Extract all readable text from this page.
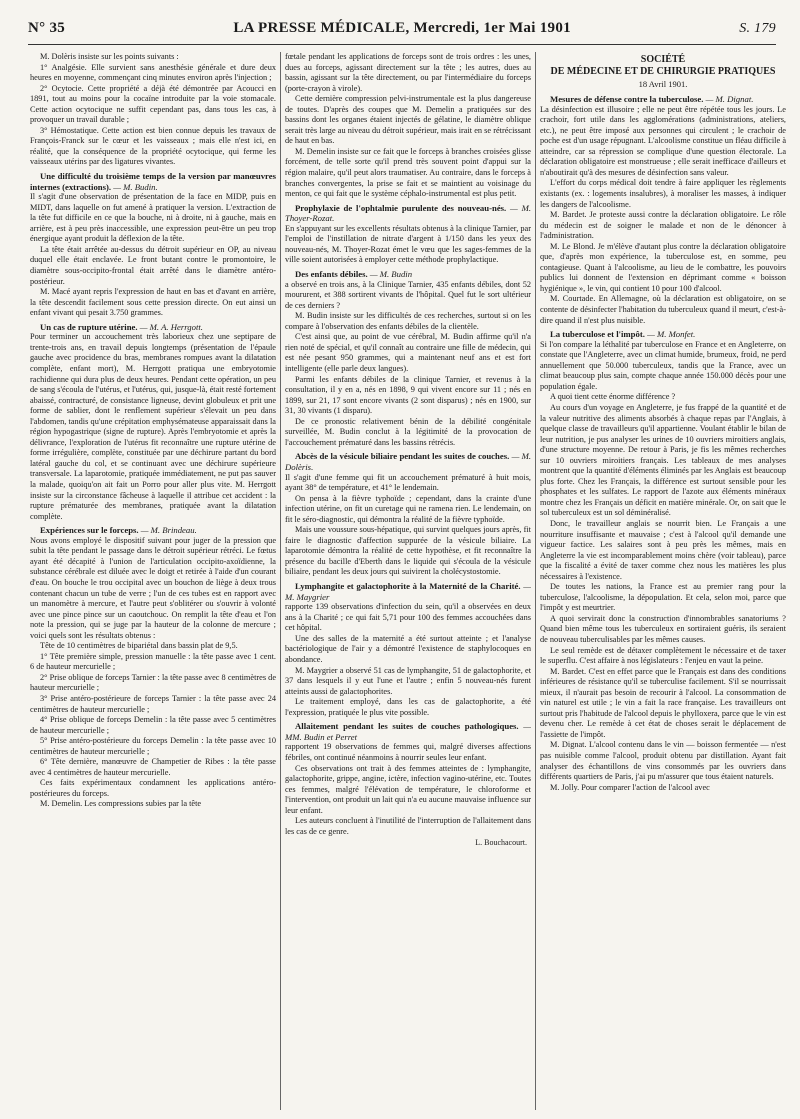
N° 35	LA PRESSE MÉDICALE, Mercredi, 1er Mai 1901	S. 179

M. Dolèris insiste sur les points suivants :

1° Analgésie. Elle survient sans anesthésie générale et dure deux heures en moyenne, commençant cinq minutes environ après l'injection ;

2° Ocytocie. Cette propriété a déjà été démontrée par Acoucci en 1891, tout au moins pour la cocaïne introduite par la voie stomacale. Cette action ocytocique ne suffit cependant pas, dans tous les cas, à provoquer un travail durable ;

3° Hémostatique. Cette action est bien connue depuis les travaux de François-Franck sur le cœur et les vaisseaux ; mais elle n'est ici, en réalité, que la conséquence de la propriété ocytocique, qui ferme les vaisseaux utérins par des ligatures vivantes.

Une difficulté du troisième temps de la version par manœuvres internes (extractions). — M. Budin.

Il s'agit d'une observation de présentation de la face en MIDP, puis en MIDT, dans laquelle on fut amené à pratiquer la version. L'extraction de la tête fut difficile en ce que la bouche, ni à droite, ni à gauche, mais en arrière, est à peu près inaccessible, une expression peut-être un peu trop énergique ayant produit la déflexion de la tête.

La tête était arrêtée au-dessus du détroit supérieur en OP, au niveau duquel elle était enclavée. Le front butant contre le promontoire, le diamètre sous-occipito-frontal était arrêté dans le diamètre antéro-postérieur.

M. Macé ayant repris l'expression de haut en bas et d'avant en arrière, la tête descendit facilement sous cette pression directe. On eut ainsi un enfant vivant qui pesait 3.750 grammes.

Un cas de rupture utérine. — M. A. Herrgott.

Pour terminer un accouchement très laborieux chez une septipare de trente-trois ans, en travail depuis longtemps (présentation de l'épaule gauche avec procidence du bras, membranes rompues avant la dilatation complète, enfant mort), M. Herrgott pratiqua une embryotomie rachidienne qui dura plus de deux heures. Pendant cette opération, un peu de sang s'écoula de l'utérus, et l'utérus, qui, jusque-là, était resté fortement abaissé, contracturé, de consistance ligneuse, devint globuleux et prit une forme de sablier, dont le renflement supérieur s'élevait un peu dans l'abdomen, tandis qu'une crépitation emphysémateuse apparaissait dans la région hypogastrique (signe de rupture). Après l'embryotomie et après la délivrance, l'exploration de l'utérus fit reconnaître une rupture utérine de forme irrégulière, complète, constituée par une déchirure partant du bord latéral gauche du col, et se continuant avec une déchirure supérieure transversale. La laparotomie, pratiquée immédiatement, ne put pas sauver la malade, quoiqu'on ait fait un Porro pour aller plus vite. M. Herrgott insiste sur la circonstance fâcheuse à laquelle il attribue cet accident : la rupture prématurée des membranes, pratiquée avant la dilatation complète.

Expériences sur le forceps. — M. Brindeau.

Nous avons employé le dispositif suivant pour juger de la pression que subit la tête pendant le passage dans le détroit supérieur rétréci. Le fœtus ayant été décapité à l'union de l'articulation occipito-axoïdienne, la substance cérébrale est diluée avec le doigt et retirée à l'aide d'un courant d'eau. On bouche le trou occipital avec un bouchon de liège à deux trous contenant chacun un tube de verre ; l'un de ces tubes est en rapport avec un manomètre à mercure, et l'autre peut s'oblitérer ou s'ouvrir à volonté avec une pince pince sur un caoutchouc. On remplit la tête d'eau et l'on note la pression, qui se juge par la hauteur de la colonne de mercure ; voici quels sont les résultats obtenus :

Tête de 10 centimètres de bipariétal dans bassin plat de 9,5.

1° Tête première simple, pression manuelle : la tête passe avec 1 cent. 6 de hauteur mercurielle ;

2° Prise oblique de forceps Tarnier : la tête passe avec 8 centimètres de hauteur mercurielle ;

3° Prise antéro-postérieure de forceps Tarnier : la tête passe avec 24 centimètres de hauteur mercurielle ;

4° Prise oblique de forceps Demelin : la tête passe avec 5 centimètres de hauteur mercurielle ;

5° Prise antéro-postérieure du forceps Demelin : la tête passe avec 10 centimètres de hauteur mercurielle ;

6° Tête dernière, manœuvre de Champetier de Ribes : la tête passe avec 4 centimètres de hauteur mercurielle.

Ces faits expérimentaux condamnent les applications antéro-postérieures du forceps.

M. Demelin. Les compressions subies par la tête

fœtale pendant les applications de forceps sont de trois ordres : les unes, dues au forceps, agissant directement sur la tête ; les autres, dues au bassin, agissant sur la tête directement, ou par l'intermédiaire du forceps (porte-crayon à virole).

Cette dernière compression pelvi-instrumentale est la plus dangereuse de toutes. D'après des coupes que M. Demelin a pratiquées sur des bassins dont les organes étaient injectés de gélatine, le diamètre oblique serait très large au niveau du détroit supérieur, mais irait en se rétrécissant de haut en bas.

M. Demelin insiste sur ce fait que le forceps à branches croisées glisse forcément, de telle sorte qu'il prend très souvent point d'appui sur la région malaire, qu'il peut alors traumatiser. Au contraire, dans le forceps à branches convergentes, la prise se fait et se maintient au voisinage du menton, ce qui fait que le système céphalo-instrumental est plus petit.

Prophylaxie de l'ophtalmie purulente des nouveau-nés. — M. Thoyer-Rozat.

En s'appuyant sur les excellents résultats obtenus à la clinique Tarnier, par l'emploi de l'instillation de nitrate d'argent à 1/150 dans les yeux des nouveau-nés, M. Thoyer-Rozat émet le vœu que les sages-femmes de la ville soient autorisées à employer cette méthode prophylactique.

Des enfants débiles. — M. Budin

a observé en trois ans, à la Clinique Tarnier, 435 enfants débiles, dont 52 moururent, et 388 sortirent vivants de l'hôpital. Quel fut le sort ultérieur de ces derniers ?

M. Budin insiste sur les difficultés de ces recherches, surtout si on les compare à l'observation des enfants débiles de la clientèle.

C'est ainsi que, au point de vue cérébral, M. Budin affirme qu'il n'a rien noté de spécial, et qu'il connaît au contraire une fille de médecin, qui est née pesant 950 grammes, qui a maintenant neuf ans et est fort intelligente (elle parle deux langues).

Parmi les enfants débiles de la clinique Tarnier, et revenus à la consultation, il y en a, nés en 1898, 9 qui vivent encore sur 11 ; nés en 1899, sur 21, 17 sont encore vivants (2 sont disparus) ; nés en 1900, sur 31, 30 vivants (1 disparu).

De ce pronostic relativement bénin de la débilité congénitale surveillée, M. Budin conclut à la légitimité de la provocation de l'accouchement prématuré dans les bassins rétrécis.

Abcès de la vésicule biliaire pendant les suites de couches. — M. Dolèris.

Il s'agit d'une femme qui fit un accouchement prématuré à huit mois, ayant 38° de température, et 41° le lendemain.

On pensa à la fièvre typhoïde ; cependant, dans la crainte d'une infection utérine, on fit un curetage qui ne ramena rien. Le lendemain, on fit le séro-diagnostic, qui démontra la réalité de la fièvre typhoïde.

Mais une voussure sous-hépatique, qui survint quelques jours après, fit faire le diagnostic d'affection suppurée de la vésicule biliaire. La laparotomie démontra la réalité de cette hypothèse, et fit reconnaître la présence du bacille d'Eberth dans le liquide qui s'écoula de la vésicule biliaire, pendant les deux jours qui suivirent la cholécystostomie.

Lymphangite et galactophorite à la Maternité de la Charité. — M. Maygrier

rapporte 139 observations d'infection du sein, qu'il a observées en deux ans à la Charité ; ce qui fait 5,71 pour 100 des femmes accouchées dans cet hôpital.

Une des salles de la maternité a été surtout atteinte ; et l'analyse bactériologique de l'air y a démontré l'existence de staphylocoques en abondance.

M. Maygrier a observé 51 cas de lymphangite, 51 de galactophorite, et 37 dans lesquels il y eut l'une et l'autre ; enfin 5 nouveau-nés furent atteints aussi de galactophorites.

Le traitement employé, dans les cas de galactophorite, a été l'expression, pratiquée le plus vite possible.

Allaitement pendant les suites de couches pathologiques. — MM. Budin et Perret

rapportent 19 observations de femmes qui, malgré diverses affections fébriles, ont continué néanmoins à nourrir seules leur enfant.

Ces observations ont trait à des femmes atteintes de : lymphangite, galactophorite, grippe, angine, ictère, infection vagino-utérine, etc. Toutes ces femmes, malgré l'élévation de température, le chloroforme et l'intervention, ont produit un lait qui n'a eu aucune mauvaise influence sur leur enfant.

Les auteurs concluent à l'inutilité de l'interruption de l'allaitement dans les cas de ce genre.

L. Bouchacourt.
SOCIÉTÉ
DE MÉDECINE ET DE CHIRURGIE PRATIQUES
18 Avril 1901.
Mesures de défense contre la tuberculose. — M. Dignat.

La désinfection est illusoire ; elle ne peut être répétée tous les jours. Le crachoir, fort utile dans les agglomérations (administrations, ateliers, etc.), ne peut être imposé aux personnes qui circulent ; le crachoir de poche est d'un usage répugnant. L'alcoolisme constitue un fléau difficile à atteindre, car sa répression se complique d'une question électorale. La déclaration obligatoire est monstrueuse ; elle serait inefficace d'ailleurs et n'aboutirait qu'à des mesures de désinfection sans valeur.

L'effort du corps médical doit tendre à faire appliquer les règlements existants (ex. : logements insalubres), à moraliser les masses, à indiquer les dangers de l'alcoolisme.

M. Bardet. Je proteste aussi contre la déclaration obligatoire. Le rôle du médecin est de soigner le malade et non de le dénoncer à l'administration.

M. Le Blond. Je m'élève d'autant plus contre la déclaration obligatoire que, d'après mon expérience, la tuberculose est, en somme, peu contagieuse. Quant à l'alcoolisme, au lieu de le combattre, les pouvoirs publics lui donnent de l'extension en déprimant comme « boisson hygiénique », le vin, qui contient 10 pour 100 d'alcool.

M. Courtade. En Allemagne, où la déclaration est obligatoire, on se contente de désinfecter l'habitation du tuberculeux quand il meurt, c'est-à-dire quand il n'est plus nuisible.

La tuberculose et l'impôt. — M. Monfet.

Si l'on compare la léthalité par tuberculose en France et en Angleterre, on constate que l'Angleterre, avec un climat humide, brumeux, froid, ne perd annuellement que 50.000 tuberculeux, tandis que la France, avec un climat beaucoup plus sain, compte chaque année 150.000 décès pour une population égale.

A quoi tient cette énorme différence ?

Au cours d'un voyage en Angleterre, je fus frappé de la quantité et de la valeur nutritive des aliments absorbés à chaque repas par l'Anglais, à quelque classe de travailleurs qu'il appartienne. Voulant établir le bilan de leur nutrition, je pus analyser les urines de 10 ouvriers miroitiers anglais, d'une structure moyenne. De retour à Paris, je fis les mêmes recherches sur 10 ouvriers miroitiers français. Les tableaux de mes analyses montrent que la quantité d'éléments éliminés par les Anglais est beaucoup plus forte. Chez les Français, la différence est surtout sensible pour les phosphates et les sulfates. Le rapport de l'azote aux éléments minéraux montre chez les Français un déficit en matière minérale. Or, on sait que le sol tuberculeux est un sol déminéralisé.

Donc, le travailleur anglais se nourrit bien. Le Français a une nourriture insuffisante et mauvaise ; c'est à l'alcool qu'il demande une vigueur factice. Les salaires sont à peu près les mêmes, mais en Angleterre la vie est incomparablement moins chère (voir tableau), parce que la fiscalité a évité de taxer comme chez nous les matières les plus nécessaires à l'existence.

De toutes les nations, la France est au premier rang pour la tuberculose, l'alcoolisme, la dépopulation. Et cela, selon moi, parce que l'impôt y est meurtrier.

A quoi servirait donc la construction d'innombrables sanatoriums ? Quand bien même tous les tuberculeux en sortiraient guéris, ils seraient de nouveau tuberculisables par les mêmes causes.

Le seul remède est de détaxer complètement le nécessaire et de taxer le superflu. C'est affaire à nos législateurs : l'enjeu en vaut la peine.

M. Bardet. C'est en effet parce que le Français est dans des conditions inférieures de résistance qu'il se tuberculise facilement. S'il se nourrissait mieux, il n'aurait pas besoin de recourir à l'alcool. La consommation de vin naturel est utile ; le vin a fait la race française. Les travailleurs ont surtout pris l'habitude de l'alcool depuis le phylloxera, parce que le vin est devenu cher. Le remède à cet état de choses serait le déplacement de l'assiette de l'impôt.

M. Dignat. L'alcool contenu dans le vin — boisson fermentée — n'est pas nuisible comme l'alcool, produit obtenu par distillation. Ayant fait analyser des échantillons de vins consommés par les ouvriers dans différents quartiers de Paris, j'ai pu m'assurer que tous étaient naturels.

M. Jolly. Pour comparer l'action de l'alcool avec
